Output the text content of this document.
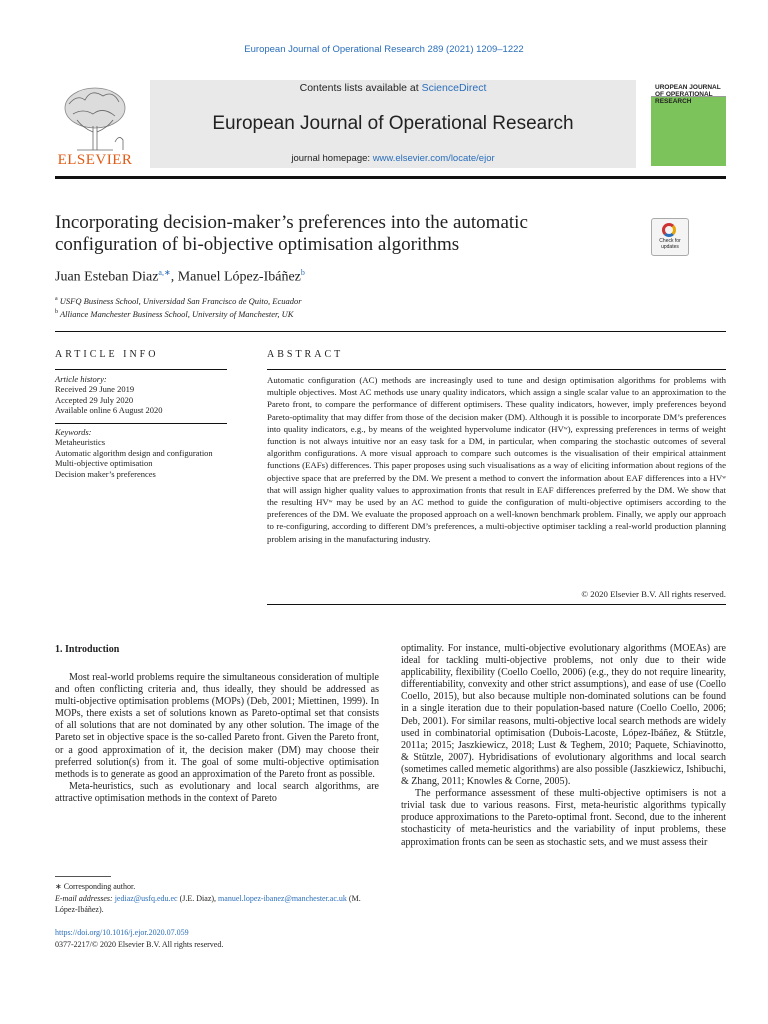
European Journal of Operational Research 289 (2021) 1209–1222
Contents lists available at ScienceDirect
European Journal of Operational Research
journal homepage: www.elsevier.com/locate/ejor
ELSEVIER
UROPEAN JOURNAL OF OPERATIONAL RESEARCH
Incorporating decision-maker’s preferences into the automatic configuration of bi-objective optimisation algorithms	Check for updates
Juan Esteban Diaz$^{a,∗}$, Manuel López-Ibáñez$^b$
$^a$ USFQ Business School, Universidad San Francisco de Quito, Ecuador
$^b$ Alliance Manchester Business School, University of Manchester, UK
ARTICLE INFO	ABSTRACT
Article history:
Received 29 June 2019
Accepted 29 July 2020
Available online 6 August 2020
Keywords:
Metaheuristics
Automatic algorithm design and configuration
Multi-objective optimisation
Decision maker’s preferences
Automatic configuration (AC) methods are increasingly used to tune and design optimisation algorithms for problems with multiple objectives. Most AC methods use unary quality indicators, which assign a single scalar value to an approximation to the Pareto front, to compare the performance of different optimisers. These quality indicators, however, imply preferences beyond Pareto-optimality that may differ from those of the decision maker (DM). Although it is possible to incorporate DM’s preferences into quality indicators, e.g., by means of the weighted hypervolume indicator (HVʷ), expressing preferences in terms of weight function is not always intuitive nor an easy task for a DM, in particular, when comparing the stochastic outcomes of several algorithm configurations. A more visual approach to compare such outcomes is the visualisation of their empirical attainment functions (EAFs) differences. This paper proposes using such visualisations as a way of eliciting information about regions of the objective space that are preferred by the DM. We present a method to convert the information about EAF differences into a HVʷ that will assign higher quality values to approximation fronts that result in EAF differences preferred by the DM. We show that the resulting HVʷ may be used by an AC method to guide the configuration of multi-objective optimisers according to the preferences of the DM. We evaluate the proposed approach on a well-known benchmark problem. Finally, we apply our approach to re-configuring, according to different DM’s preferences, a multi-objective optimiser tackling a real-world production planning problem arising in the manufacturing industry.
© 2020 Elsevier B.V. All rights reserved.
1. Introduction

Most real-world problems require the simultaneous consideration of multiple and often conflicting criteria and, thus ideally, they should be addressed as multi-objective optimisation problems (MOPs) (Deb, 2001; Miettinen, 1999). In MOPs, there exists a set of solutions known as Pareto-optimal set that consists of all solutions that are not dominated by any other solution. The image of the Pareto set in objective space is the so-called Pareto front. Given the Pareto front, or a good approximation of it, the decision maker (DM) may choose their preferred solution(s) from it. The goal of some multi-objective optimisation methods is to generate as good an approximation of the Pareto front as possible.

Meta-heuristics, such as evolutionary and local search algorithms, are attractive optimisation methods in the context of Pareto

optimality. For instance, multi-objective evolutionary algorithms (MOEAs) are ideal for tackling multi-objective problems, not only due to their wide applicability, flexibility (Coello Coello, 2006) (e.g., they do not require linearity, differentiability, convexity and other strict assumptions), and ease of use (Coello Coello, 2015), but also because multiple non-dominated solutions can be found in a single iteration due to their population-based nature (Coello Coello, 2006; Deb, 2001). For similar reasons, multi-objective local search methods are widely used in combinatorial optimisation (Dubois-Lacoste, López-Ibáñez, & Stützle, 2011a; 2015; Jaszkiewicz, 2018; Lust & Teghem, 2010; Paquete, Schiavinotto, & Stützle, 2007). Hybridisations of evolutionary algorithms and local search (sometimes called memetic algorithms) are also possible (Jaszkiewicz, Ishibuchi, & Zhang, 2011; Knowles & Corne, 2005).

The performance assessment of these multi-objective optimisers is not a trivial task due to various reasons. First, meta-heuristic algorithms typically produce approximations to the Pareto-optimal front. Second, due to the inherent stochasticity of meta-heuristics and the variability of input problems, these approximation fronts can be seen as stochastic sets, and we must assess their

∗ Corresponding author.
E-mail addresses: jediaz@usfq.edu.ec (J.E. Diaz), manuel.lopez-ibanez@manchester.ac.uk (M. López-Ibáñez).
https://doi.org/10.1016/j.ejor.2020.07.059
0377-2217/© 2020 Elsevier B.V. All rights reserved.
